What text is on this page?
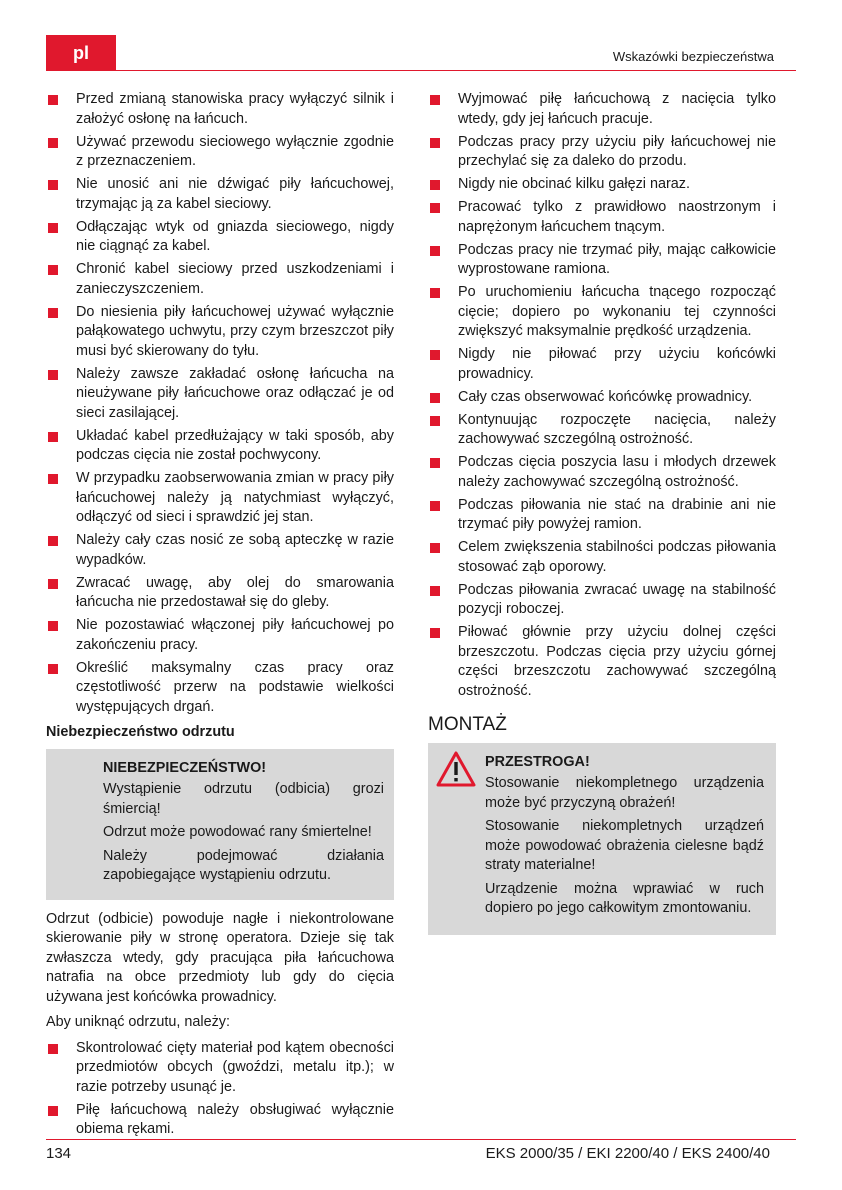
pl	Wskazówki bezpieczeństwa
Przed zmianą stanowiska pracy wyłączyć silnik i założyć osłonę na łańcuch.
Używać przewodu sieciowego wyłącznie zgodnie z przeznaczeniem.
Nie unosić ani nie dźwigać piły łańcuchowej, trzymając ją za kabel sieciowy.
Odłączając wtyk od gniazda sieciowego, nigdy nie ciągnąć za kabel.
Chronić kabel sieciowy przed uszkodzeniami i zanieczyszczeniem.
Do niesienia piły łańcuchowej używać wyłącznie pałąkowatego uchwytu, przy czym brzeszczot piły musi być skierowany do tyłu.
Należy zawsze zakładać osłonę łańcucha na nieużywane piły łańcuchowe oraz odłączać je od sieci zasilającej.
Układać kabel przedłużający w taki sposób, aby podczas cięcia nie został pochwycony.
W przypadku zaobserwowania zmian w pracy piły łańcuchowej należy ją natychmiast wyłączyć, odłączyć od sieci i sprawdzić jej stan.
Należy cały czas nosić ze sobą apteczkę w razie wypadków.
Zwracać uwagę, aby olej do smarowania łańcucha nie przedostawał się do gleby.
Nie pozostawiać włączonej piły łańcuchowej po zakończeniu pracy.
Określić maksymalny czas pracy oraz częstotliwość przerw na podstawie wielkości występujących drgań.
Niebezpieczeństwo odrzutu
NIEBEZPIECZEŃSTWO!

Wystąpienie odrzutu (odbicia) grozi śmiercią!

Odrzut może powodować rany śmiertelne!

Należy podejmować działania zapobiegające wystąpieniu odrzutu.

Odrzut (odbicie) powoduje nagłe i niekontrolowane skierowanie piły w stronę operatora. Dzieje się tak zwłaszcza wtedy, gdy pracująca piła łańcuchowa natrafia na obce przedmioty lub gdy do cięcia używana jest końcówka prowadnicy.

Aby uniknąć odrzutu, należy:

Skontrolować cięty materiał pod kątem obecności przedmiotów obcych (gwoździ, metalu itp.); w razie potrzeby usunąć je.
Piłę łańcuchową należy obsługiwać wyłącznie obiema rękami.
Wyjmować piłę łańcuchową z nacięcia tylko wtedy, gdy jej łańcuch pracuje.
Podczas pracy przy użyciu piły łańcuchowej nie przechylać się za daleko do przodu.
Nigdy nie obcinać kilku gałęzi naraz.
Pracować tylko z prawidłowo naostrzonym i naprężonym łańcuchem tnącym.
Podczas pracy nie trzymać piły, mając całkowicie wyprostowane ramiona.
Po uruchomieniu łańcucha tnącego rozpocząć cięcie; dopiero po wykonaniu tej czynności zwiększyć maksymalnie prędkość urządzenia.
Nigdy nie piłować przy użyciu końcówki prowadnicy.
Cały czas obserwować końcówkę prowadnicy.
Kontynuując rozpoczęte nacięcia, należy zachowywać szczególną ostrożność.
Podczas cięcia poszycia lasu i młodych drzewek należy zachowywać szczególną ostrożność.
Podczas piłowania nie stać na drabinie ani nie trzymać piły powyżej ramion.
Celem zwiększenia stabilności podczas piłowania stosować ząb oporowy.
Podczas piłowania zwracać uwagę na stabilność pozycji roboczej.
Piłować głównie przy użyciu dolnej części brzeszczotu. Podczas cięcia przy użyciu górnej części brzeszczotu zachowywać szczególną ostrożność.
MONTAŻ
PRZESTROGA!

Stosowanie niekompletnego urządzenia może być przyczyną obrażeń!

Stosowanie niekompletnych urządzeń może powodować obrażenia cielesne bądź straty materialne!

Urządzenie można wprawiać w ruch dopiero po jego całkowitym zmontowaniu.

134	EKS 2000/35 / EKI 2200/40 / EKS 2400/40
